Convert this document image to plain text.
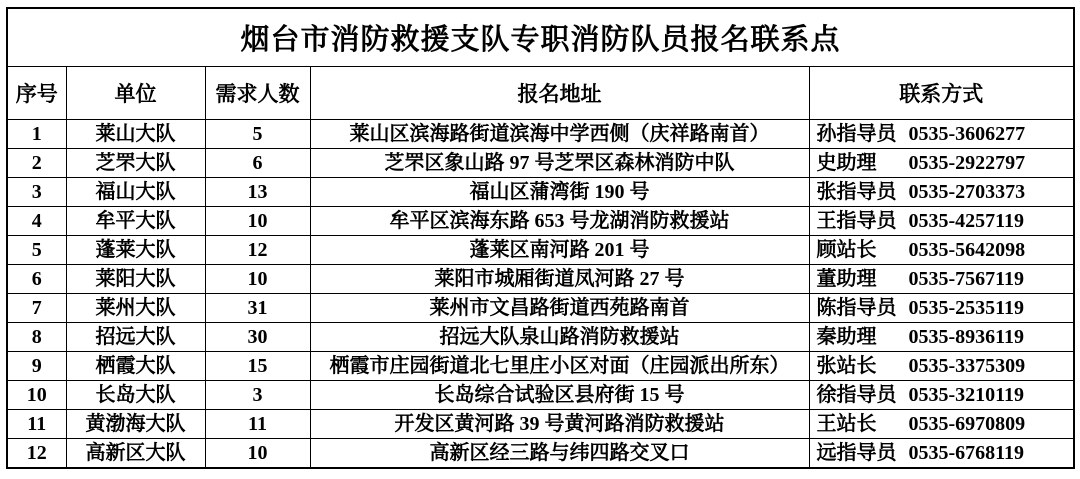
烟台市消防救援支队专职消防队员报名联系点				
序号	单位	需求人数	报名地址	联系方式
1	莱山大队	5	莱山区滨海路街道滨海中学西侧（庆祥路南首）	孙指导员 0535-3606277

2	芝罘大队	6	芝罘区象山路 97 号芝罘区森林消防中队	史助理 0535-2922797

3	福山大队	13	福山区蒲湾街 190 号	张指导员 0535-2703373

4	牟平大队	10	牟平区滨海东路 653 号龙湖消防救援站	王指导员 0535-4257119

5	蓬莱大队	12	蓬莱区南河路 201 号	顾站长 0535-5642098

6	莱阳大队	10	莱阳市城厢街道凤河路 27 号	董助理 0535-7567119

7	莱州大队	31	莱州市文昌路街道西苑路南首	陈指导员 0535-2535119

8	招远大队	30	招远大队泉山路消防救援站	秦助理 0535-8936119

9	栖霞大队	15	栖霞市庄园街道北七里庄小区对面（庄园派出所东）	张站长 0535-3375309

10	长岛大队	3	长岛综合试验区县府街 15 号	徐指导员 0535-3210119

11	黄渤海大队	11	开发区黄河路 39 号黄河路消防救援站	王站长 0535-6970809

12	高新区大队	10	高新区经三路与纬四路交叉口	远指导员 0535-6768119
